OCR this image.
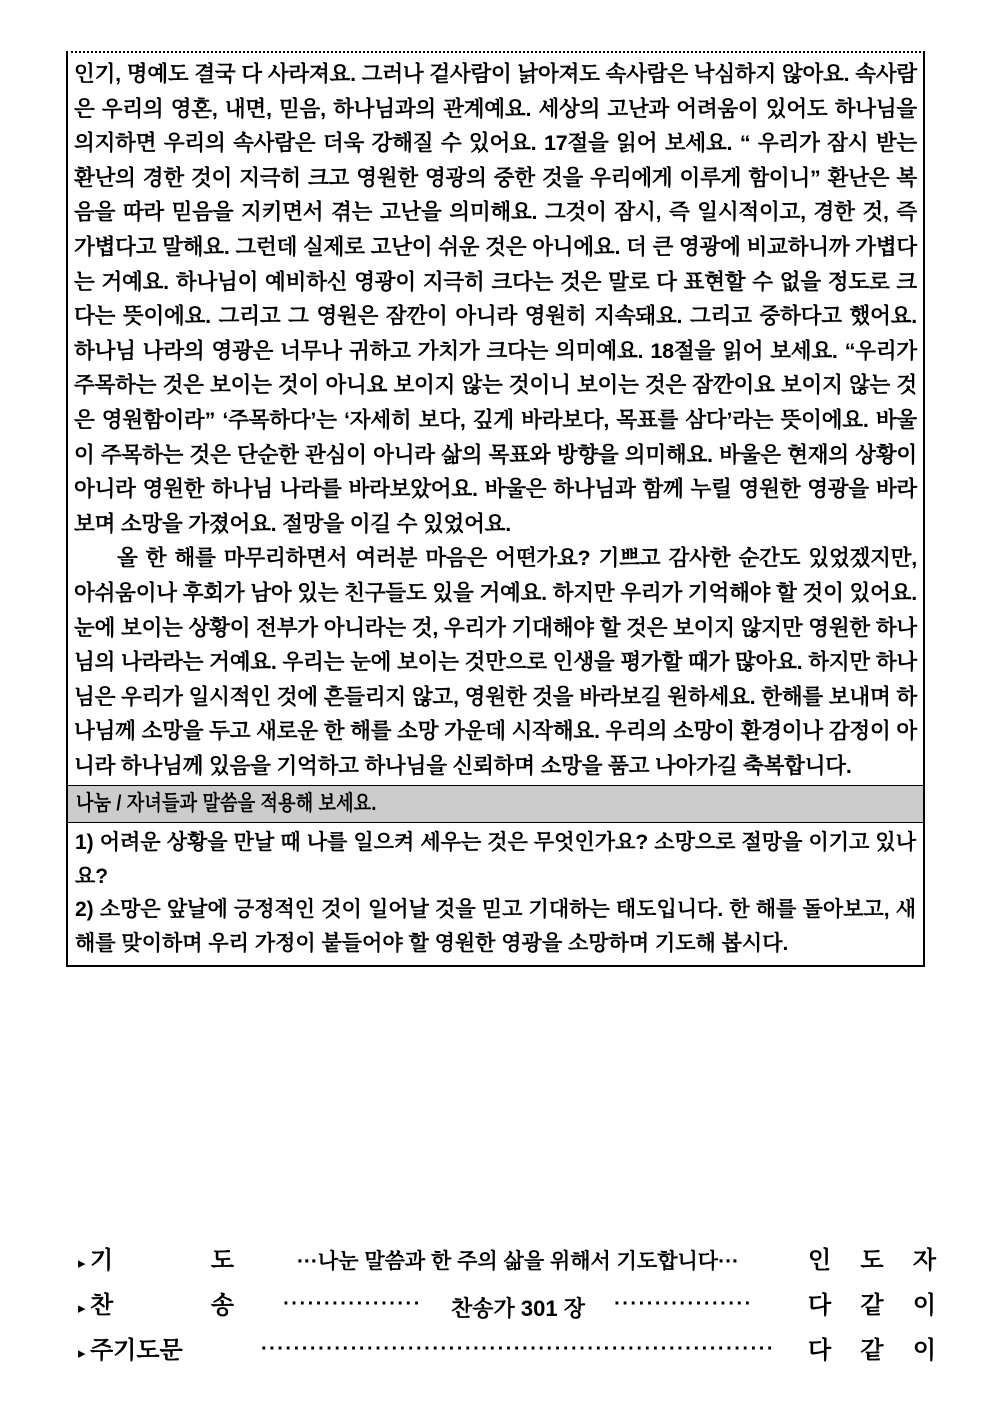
인기, 명예도 결국 다 사라져요. 그러나 겉사람이 낡아져도 속사람은 낙심하지 않아요. 속사람은 우리의 영혼, 내면, 믿음, 하나님과의 관계예요. 세상의 고난과 어려움이 있어도 하나님을 의지하면 우리의 속사람은 더욱 강해질 수 있어요. 17절을 읽어 보세요. “ 우리가 잠시 받는 환난의 경한 것이 지극히 크고 영원한 영광의 중한 것을 우리에게 이루게 함이니” 환난은 복음을 따라 믿음을 지키면서 겪는 고난을 의미해요. 그것이 잠시, 즉 일시적이고, 경한 것, 즉 가볍다고 말해요. 그런데 실제로 고난이 쉬운 것은 아니에요. 더 큰 영광에 비교하니까 가볍다는 거예요. 하나님이 예비하신 영광이 지극히 크다는 것은 말로 다 표현할 수 없을 정도로 크다는 뜻이에요. 그리고 그 영원은 잠깐이 아니라 영원히 지속돼요. 그리고 중하다고 했어요. 하나님 나라의 영광은 너무나 귀하고 가치가 크다는 의미예요. 18절을 읽어 보세요. “우리가 주목하는 것은 보이는 것이 아니요 보이지 않는 것이니 보이는 것은 잠깐이요 보이지 않는 것은 영원함이라” ‘주목하다’는 ‘자세히 보다, 깊게 바라보다, 목표를 삼다’라는 뜻이에요. 바울이 주목하는 것은 단순한 관심이 아니라 삶의 목표와 방향을 의미해요. 바울은 현재의 상황이 아니라 영원한 하나님 나라를 바라보았어요. 바울은 하나님과 함께 누릴 영원한 영광을 바라보며 소망을 가졌어요. 절망을 이길 수 있었어요.

올 한 해를 마무리하면서 여러분 마음은 어떤가요? 기쁘고 감사한 순간도 있었겠지만, 아쉬움이나 후회가 남아 있는 친구들도 있을 거예요. 하지만 우리가 기억해야 할 것이 있어요. 눈에 보이는 상황이 전부가 아니라는 것, 우리가 기대해야 할 것은 보이지 않지만 영원한 하나님의 나라라는 거예요. 우리는 눈에 보이는 것만으로 인생을 평가할 때가 많아요. 하지만 하나님은 우리가 일시적인 것에 흔들리지 않고, 영원한 것을 바라보길 원하세요. 한해를 보내며 하나님께 소망을 두고 새로운 한 해를 소망 가운데 시작해요. 우리의 소망이 환경이나 감정이 아니라 하나님께 있음을 기억하고 하나님을 신뢰하며 소망을 품고 나아가길 축복합니다.

나눔 / 자녀들과 말씀을 적용해 보세요.

1) 어려운 상황을 만날 때 나를 일으켜 세우는 것은 무엇인가요? 소망으로 절망을 이기고 있나요?

2) 소망은 앞날에 긍정적인 것이 일어날 것을 믿고 기대하는 태도입니다. 한 해를 돌아보고, 새해를 맞이하며 우리 가정이 붙들어야 할 영원한 영광을 소망하며 기도해 봅시다.

▸ 기	도	···나눈 말씀과 한 주의 삶을 위해서 기도합니다···	인 도 자
▸ 찬	송	·················	찬송가 301 장	·················	다 같 이
▸ 주기도문	·······························································	다 같 이
